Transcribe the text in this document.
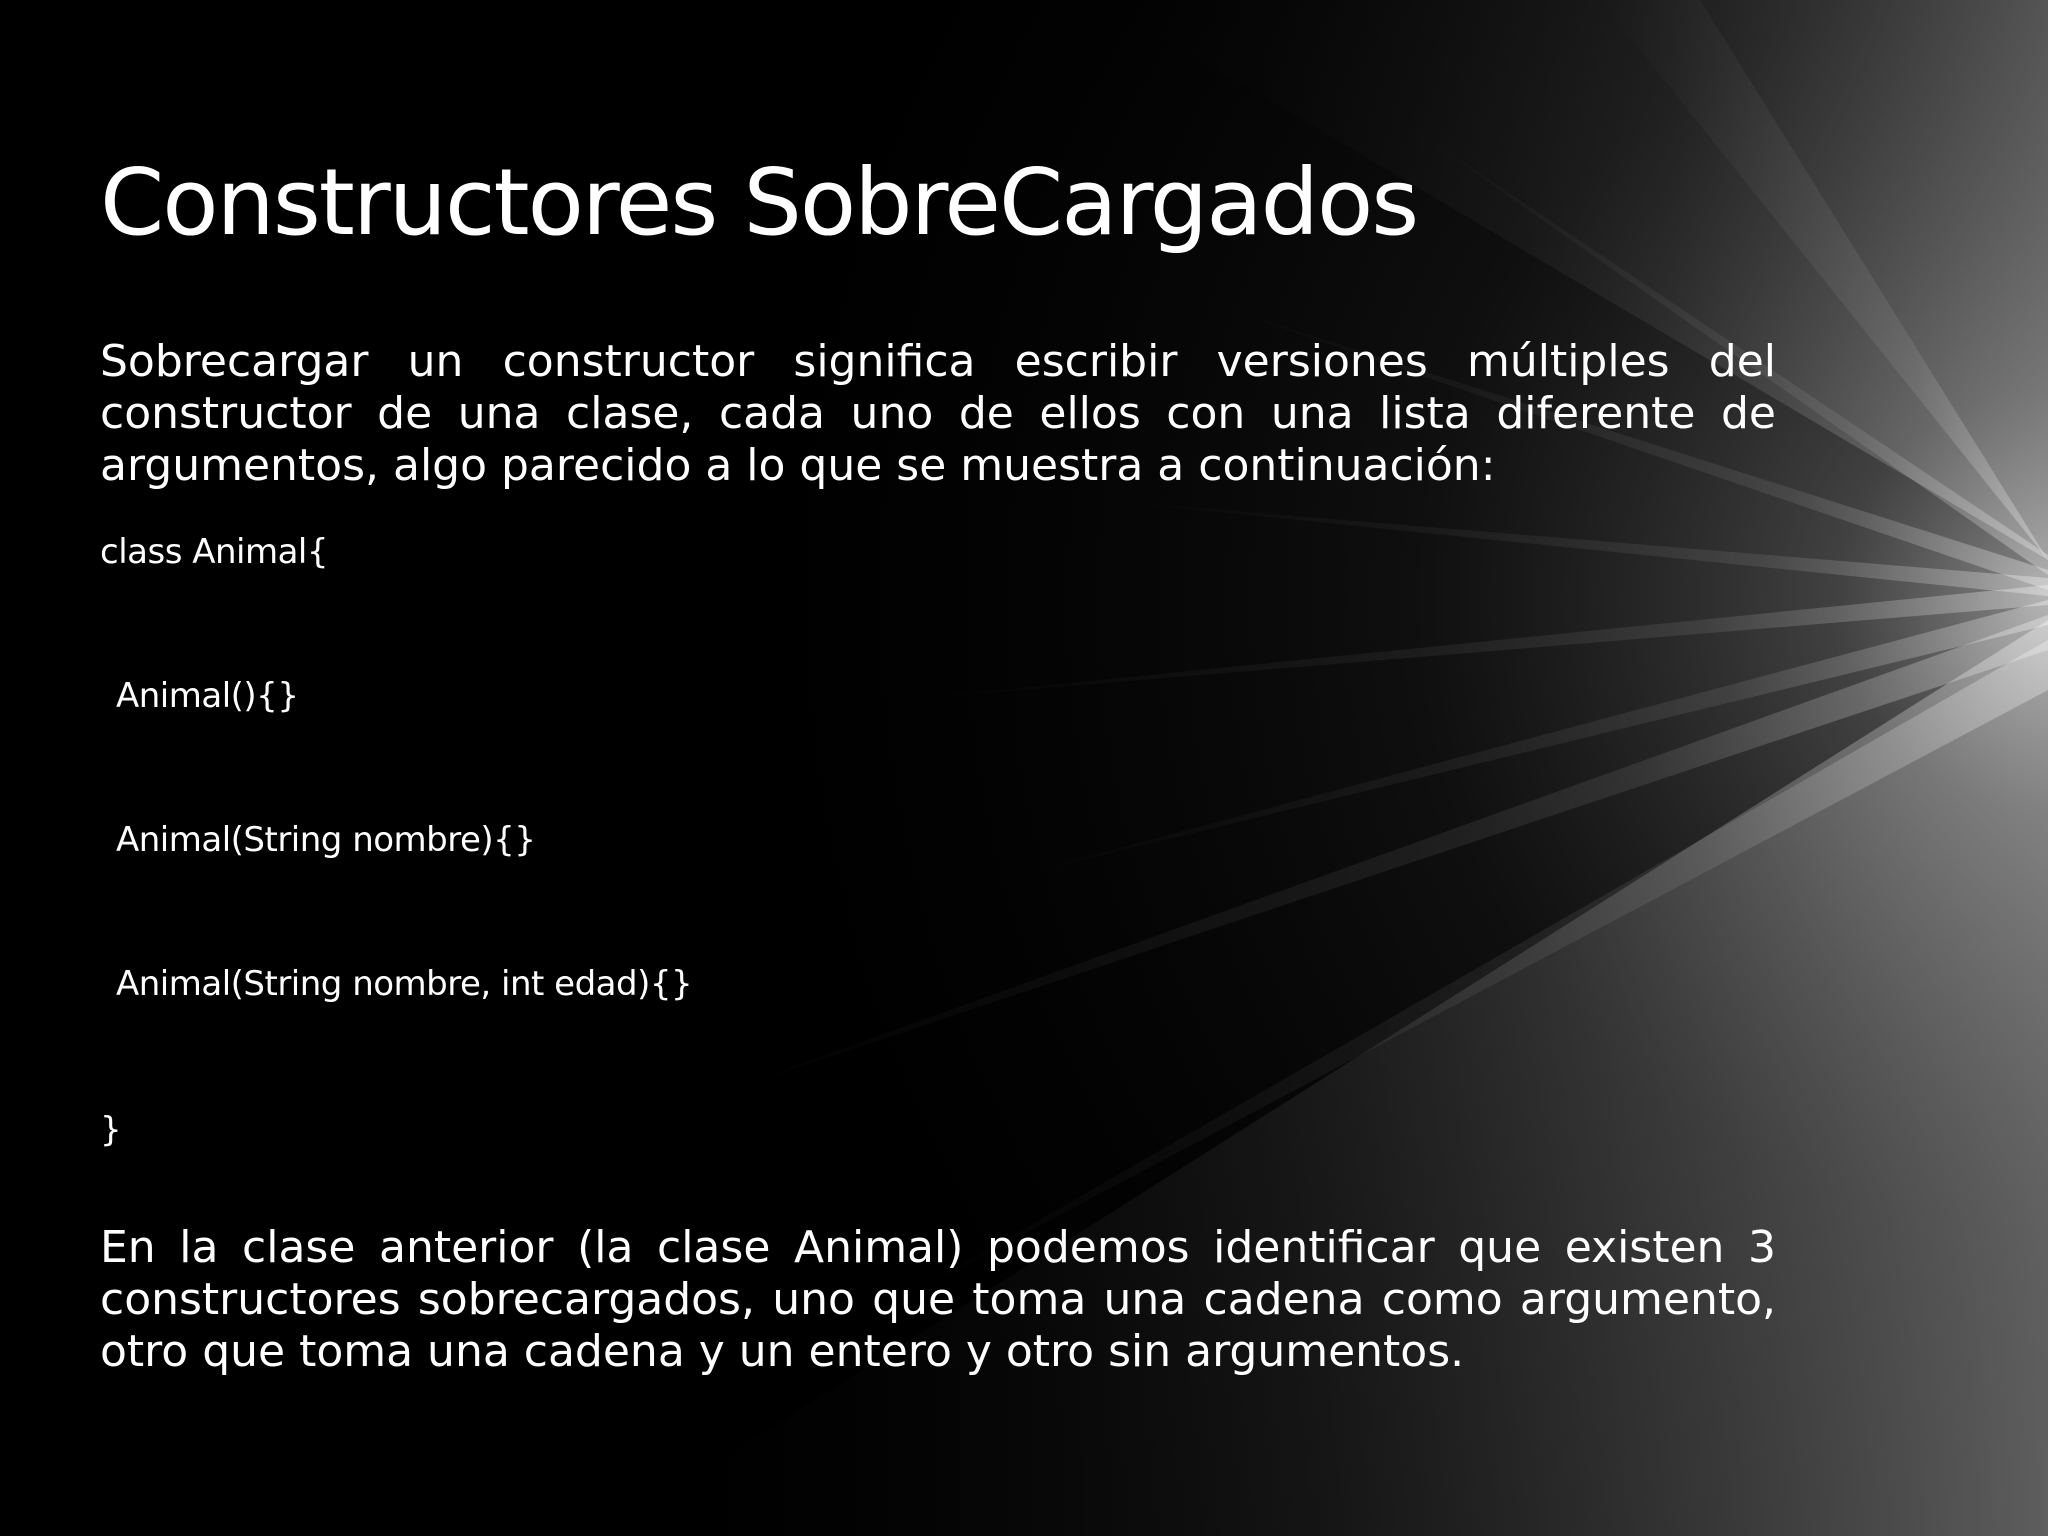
Constructores SobreCargados

Sobrecargar un constructor significa escribir versiones múltiples del constructor de una clase, cada uno de ellos con una lista diferente de argumentos, algo parecido a lo que se muestra a continuación:

class Animal{

Animal(){}

Animal(String nombre){}

Animal(String nombre, int edad){}

}

En la clase anterior (la clase Animal) podemos identificar que existen 3 constructores sobrecargados, uno que toma una cadena como argumento, otro que toma una cadena y un entero y otro sin argumentos.
